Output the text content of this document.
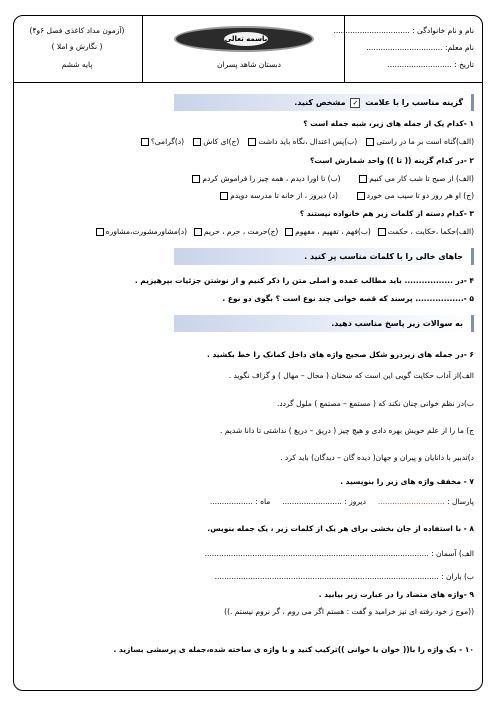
(آزمون مداد کاغذی فصل ۶و۴)
( نگارش و املا )
پایه ششم
باسمه تعالی
دبستان شاهد پسران
نام و نام خانوادگی : ................................
نام معلم: ................................
تاریخ : ...........................
گزینه مناسب را با علامت ✓ مشخص کنید.
۱ -کدام یک از جمله های زیر، شبه جمله است ؟
(الف)گناه است بر ما در راستی   (ب)پس اعتدال ،نگاه باید داشت   (ج)ای کاش   (د)گرامی؟
۲ -در کدام گزینه (( تا )) واحد شمارش است؟
(الف) از صبح تا شب کار می کنیم       (ب) تا اورا دیدم ، همه چیز را فراموش کردم
(ج) او هر روز دو تا سیب می خورد       (د) دیروز ، از خانه تا مدرسه دویدم
۳ -کدام دسته از کلمات زیر هم خانواده نیستند ؟
(الف)حکما ،حکایت ، حکمت  (ب)فهم ، تفهیم ، مفهوم  (ج)حرمت ، حرم ، حریم  (د)مشاورمشورت،مشاوره
جاهای خالی را با کلمات مناسب پر کنید .
۴ -در ................. باید مطالب عمده و اصلی متن را ذکر کنیم و از نوشتن جزئیات بپرهیزیم .
۵ -................. پرسند که قصه خوانی چند نوع است ؟ بگوی دو نوع .
به سوالات زیر پاسخ مناسب دهید.
۶ -در جمله های زیردرو شکل صحیح واژه های داخل کمانک را خط بکشید .
الف)از آداب حکایت گویی این است که سخنان ( محال – مهال ) و گزاف نگوید .
ب)در نظم خوانی چنان نکند که ( مستمع – مصتمع ) ملول گردد.
ج) ما را از علم خویش بهره دادی و هیچ چیز ( دریق – دریغ ) نداشتی تا دانا شدیم .
د)تدبیر با دانایان و پیران و جهان( دیده گان – دیدگان) باید کرد .
۷ - مخفف واژه های زیر را بنویسید .
پارسال : ............................     دیروز : .........................     ماه : ..................
۸ - با استفاده از جان بخشی برای هر یک از کلمات زیر ، یک جمله بنویس.
الف) آسمان : ..............................................................................................
ب) باران : ..............................................................................................
۹ -واژه های متضاد را در عبارت زیر بیابید .
((موج ز خود رفته ای تیز خرامید و گفت : هستم اگر می روم ، گر نروم نیستم .))
۱۰ - یک واژه را با(( خوان یا خوانی ))ترکیب کنید و با واژه ی ساخته شده،جمله ی پرسشی بسازید .
